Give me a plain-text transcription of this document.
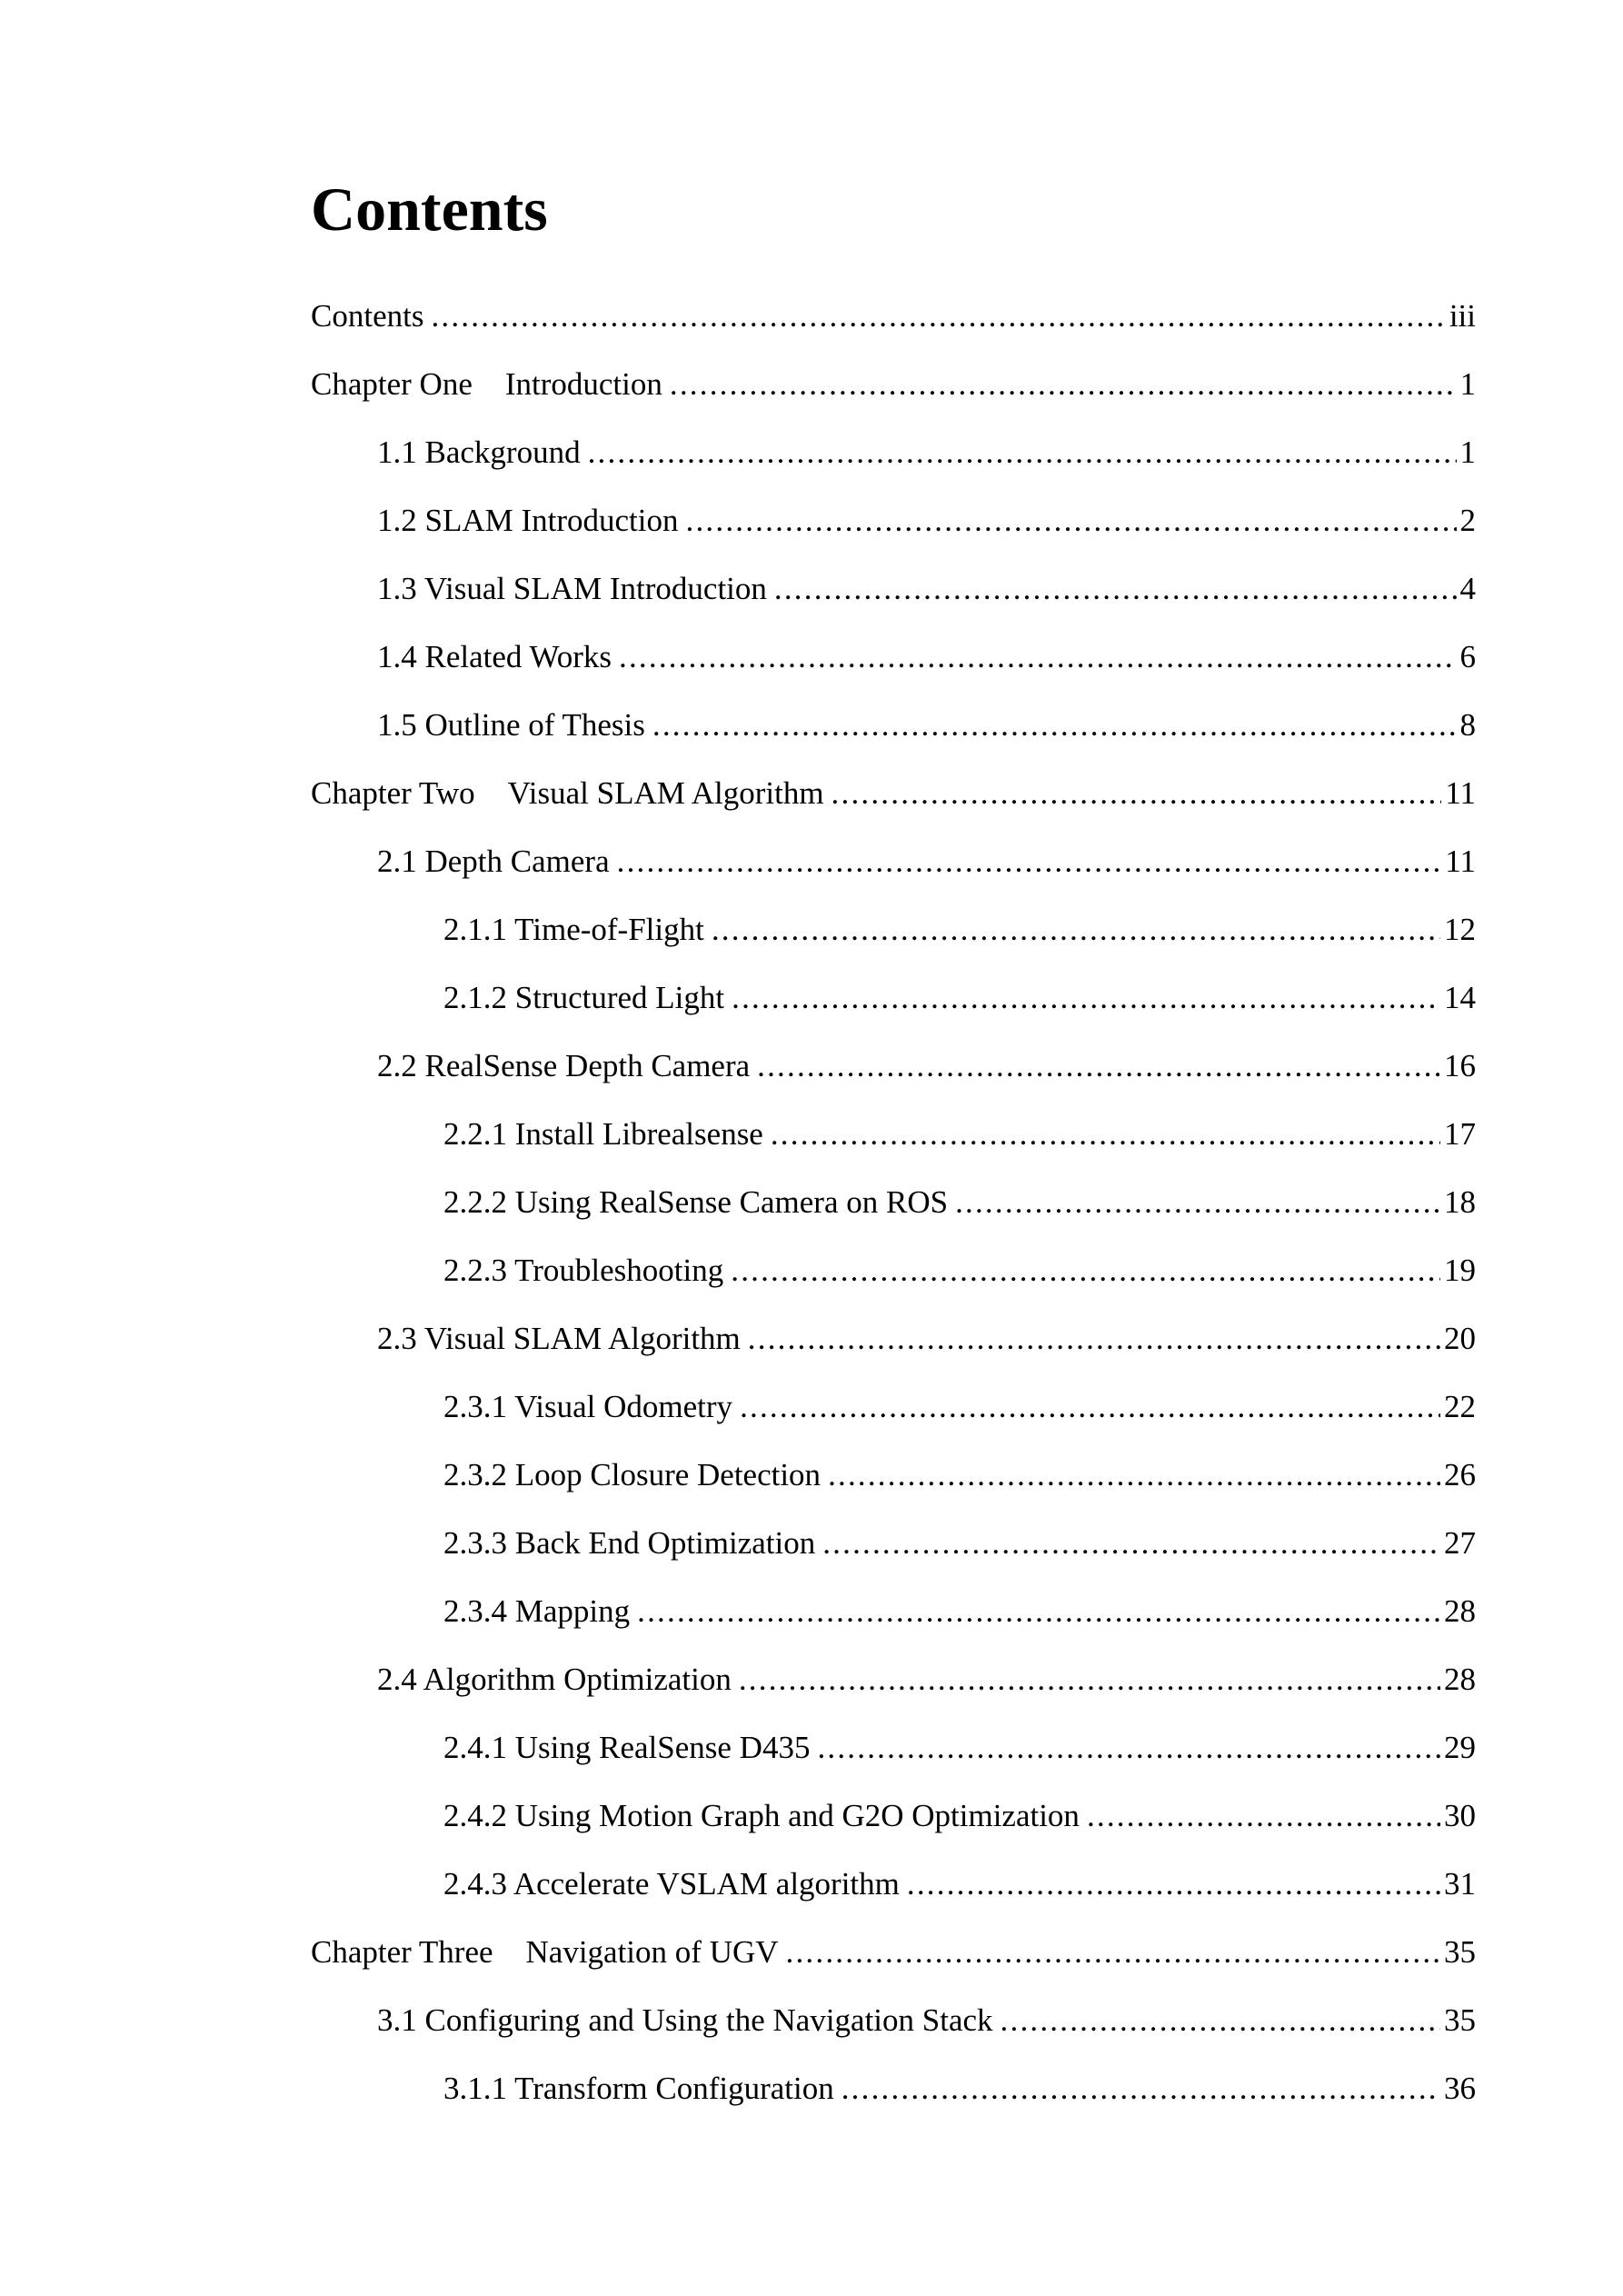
Contents
Contents .....	iii
Chapter One Introduction .....	1
1.1 Background .....	1
1.2 SLAM Introduction .....	2
1.3 Visual SLAM Introduction .....	4
1.4 Related Works .....	6
1.5 Outline of Thesis .....	8
Chapter Two Visual SLAM Algorithm .....	11
2.1 Depth Camera .....	11
2.1.1 Time-of-Flight .....	12
2.1.2 Structured Light .....	14
2.2 RealSense Depth Camera .....	16
2.2.1 Install Librealsense .....	17
2.2.2 Using RealSense Camera on ROS .....	18
2.2.3 Troubleshooting .....	19
2.3 Visual SLAM Algorithm .....	20
2.3.1 Visual Odometry .....	22
2.3.2 Loop Closure Detection .....	26
2.3.3 Back End Optimization .....	27
2.3.4 Mapping .....	28
2.4 Algorithm Optimization .....	28
2.4.1 Using RealSense D435 .....	29
2.4.2 Using Motion Graph and G2O Optimization .....	30
2.4.3 Accelerate VSLAM algorithm .....	31
Chapter Three Navigation of UGV .....	35
3.1 Configuring and Using the Navigation Stack .....	35
3.1.1 Transform Configuration .....	36
